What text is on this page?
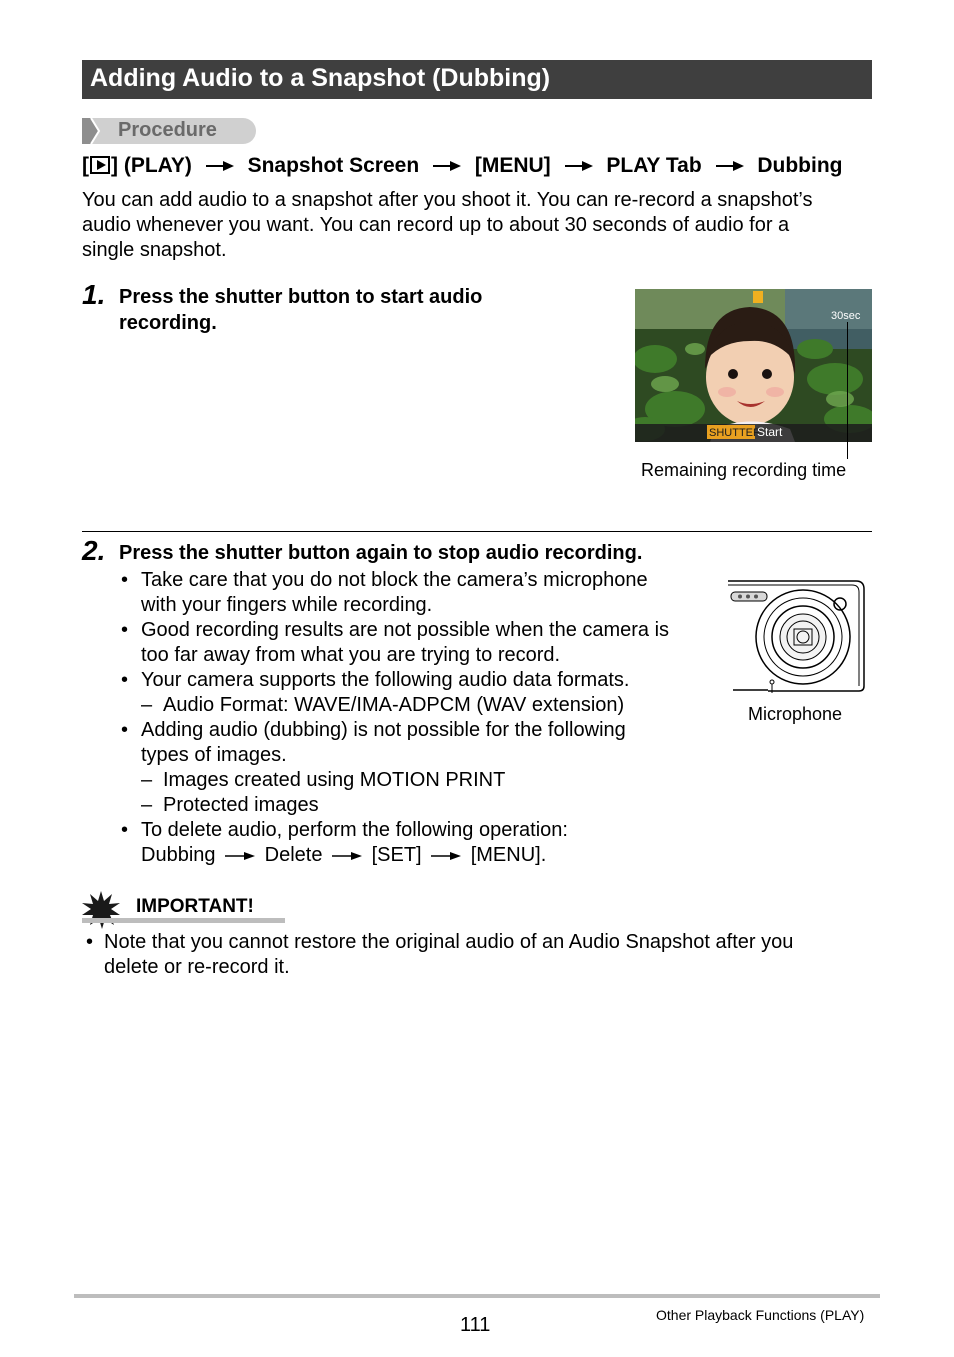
Adding Audio to a Snapshot (Dubbing)
Procedure
[ ] (PLAY)	Snapshot Screen	[MENU]	PLAY Tab	Dubbing
You can add audio to a snapshot after you shoot it. You can re-record a snapshot’s
audio whenever you want. You can record up to about 30 seconds of audio for a
single snapshot.
1. Press the shutter button to start audio
recording.	30sec
SHUTTER
Start
Remaining recording time
2. Press the shutter button again to stop audio recording.
• Take care that you do not block the camera’s microphone
with your fingers while recording.
• Good recording results are not possible when the camera is
too far away from what you are trying to record.
• Your camera supports the following audio data formats.
– Audio Format: WAVE/IMA-ADPCM (WAV extension)
• Adding audio (dubbing) is not possible for the following
types of images.
– Images created using MOTION PRINT
– Protected images
• To delete audio, perform the following operation:
Dubbing Delete [SET] [MENU].
Microphone
IMPORTANT!
• Note that you cannot restore the original audio of an Audio Snapshot after you
delete or re-record it.
111	Other Playback Functions (PLAY)
